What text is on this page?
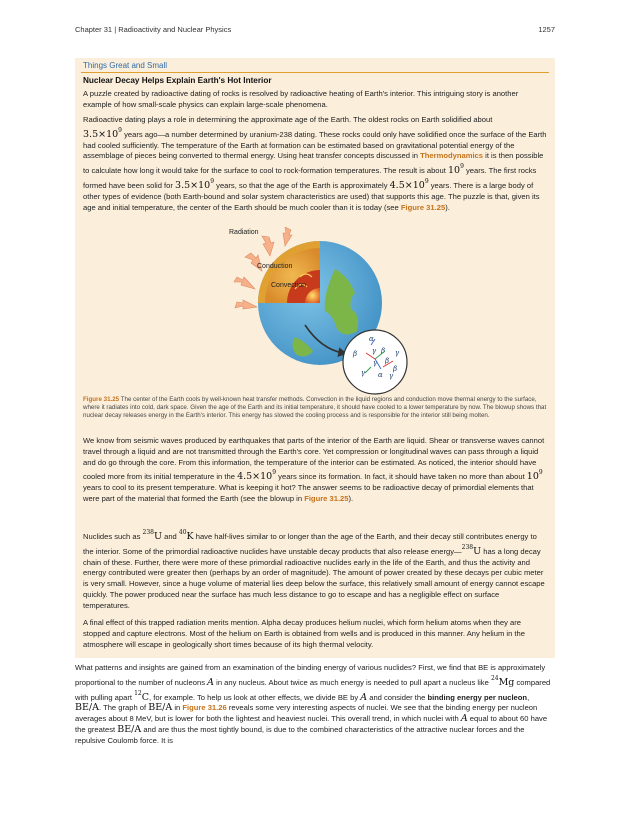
Chapter 31 | Radioactivity and Nuclear Physics	1257
Things Great and Small
Nuclear Decay Helps Explain Earth's Hot Interior

A puzzle created by radioactive dating of rocks is resolved by radioactive heating of Earth's interior. This intriguing story is another example of how small-scale physics can explain large-scale phenomena.

Radioactive dating plays a role in determining the approximate age of the Earth. The oldest rocks on Earth solidified about
$3.5\times 10^9$ years ago—a number determined by uranium-238 dating. These rocks could only have solidified once the surface of the Earth had cooled sufficiently. The temperature of the Earth at formation can be estimated based on gravitational potential energy of the assemblage of pieces being converted to thermal energy. Using heat transfer concepts discussed in Thermodynamics it is then possible to calculate how long it would take for the surface to cool to rock-formation temperatures. The result is about $10^9$ years. The first rocks formed have been solid for $3.5\times 10^9$ years, so that the age of the Earth is approximately $4.5\times 10^9$ years. There is a large body of other types of evidence (both Earth-bound and solar system characteristics are used) that supports this age. The puzzle is that, given its age and initial temperature, the center of the Earth should be much cooler than it is today (see Figure 31.25).

Radiation
Conduction
Convection
α
β γ β γ
β
γ
α
γ	β
γ

Figure 31.25 The center of the Earth cools by well-known heat transfer methods. Convection in the liquid regions and conduction move thermal energy to the surface, where it radiates into cold, dark space. Given the age of the Earth and its initial temperature, it should have cooled to a lower temperature by now. The blowup shows that nuclear decay releases energy in the Earth's interior. This energy has slowed the cooling process and is responsible for the interior still being molten.

We know from seismic waves produced by earthquakes that parts of the interior of the Earth are liquid. Shear or transverse waves cannot travel through a liquid and are not transmitted through the Earth's core. Yet compression or longitudinal waves can pass through a liquid and do go through the core. From this information, the temperature of the interior can be estimated. As noticed, the interior should have cooled more from its initial temperature in the $4.5\times 10^9$ years since its formation. In fact, it should have taken no more than about $10^9$ years to cool to its present temperature. What is keeping it hot? The answer seems to be radioactive decay of primordial elements that were part of the material that formed the Earth (see the blowup in Figure 31.25).

Nuclides such as $^{238}$U and $^{40}$K have half-lives similar to or longer than the age of the Earth, and their decay still contributes energy to the interior. Some of the primordial radioactive nuclides have unstable decay products that also release energy—$^{238}$U has a long decay chain of these. Further, there were more of these primordial radioactive nuclides early in the life of the Earth, and thus the activity and energy contributed were greater then (perhaps by an order of magnitude). The amount of power created by these decays per cubic meter is very small. However, since a huge volume of material lies deep below the surface, this relatively small amount of energy cannot escape quickly. The power produced near the surface has much less distance to go to escape and has a negligible effect on surface temperatures.

A final effect of this trapped radiation merits mention. Alpha decay produces helium nuclei, which form helium atoms when they are stopped and capture electrons. Most of the helium on Earth is obtained from wells and is produced in this manner. Any helium in the atmosphere will escape in geologically short times because of its high thermal velocity.

What patterns and insights are gained from an examination of the binding energy of various nuclides? First, we find that BE is approximately proportional to the number of nucleons A in any nucleus. About twice as much energy is needed to pull apart a nucleus like $^{24}$Mg compared with pulling apart $^{12}$C, for example. To help us look at other effects, we divide BE by A and consider the binding energy per nucleon, BE/A. The graph of BE/A in Figure 31.26 reveals some very interesting aspects of nuclei. We see that the binding energy per nucleon averages about 8 MeV, but is lower for both the lightest and heaviest nuclei. This overall trend, in which nuclei with A equal to about 60 have the greatest BE/A and are thus the most tightly bound, is due to the combined characteristics of the attractive nuclear forces and the repulsive Coulomb force. It is
